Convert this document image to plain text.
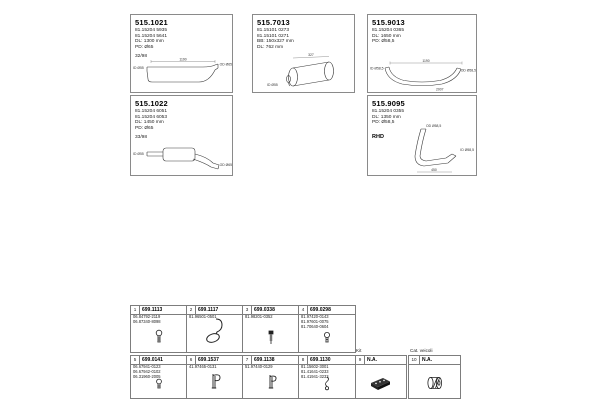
515.1021
81.15204 5935
81.15204 5641
DL: 1300 mm
PD: Ø65
32/98
1190
ID Ø55
OD Ø65
515.1022
81.15204 6051
81.15204 6053
DL: 1450 mm
PD: Ø65
33/98
ID Ø55
OD Ø65
515.7013
81.15101 0273
81.15101 0271
BB: 150x327 mm
DL: 762 mm
327
ID Ø55
515.9013
81.15204 0365
DL: 1650 mm
PD: Ø58,5
1190
ID Ø58,5	OD Ø58,5
2007
515.9095
81.15204 0355
DL: 1350 mm
PD: Ø58,5
RHD
OD Ø58,5
ID Ø58,5
450
1	699.1113
06.84792-2119
06.87340-8098
2	699.1117
81.96501-0501
3	699.0338
81.98201-0352
4	699.0298
81.97420-0143
81.97601-0075
81.70640-0604
Kit	Cat. veicoli
5	699.0141
06.67941-0123
06.67942-0102
06.31960-2005
6	699.1537
41.97465-0131
7	699.1138
51.97440-0129
8	699.1130
81.15602-3001
81.41641-0233
81.41941-3233
9	N.A.	10	N.A.
